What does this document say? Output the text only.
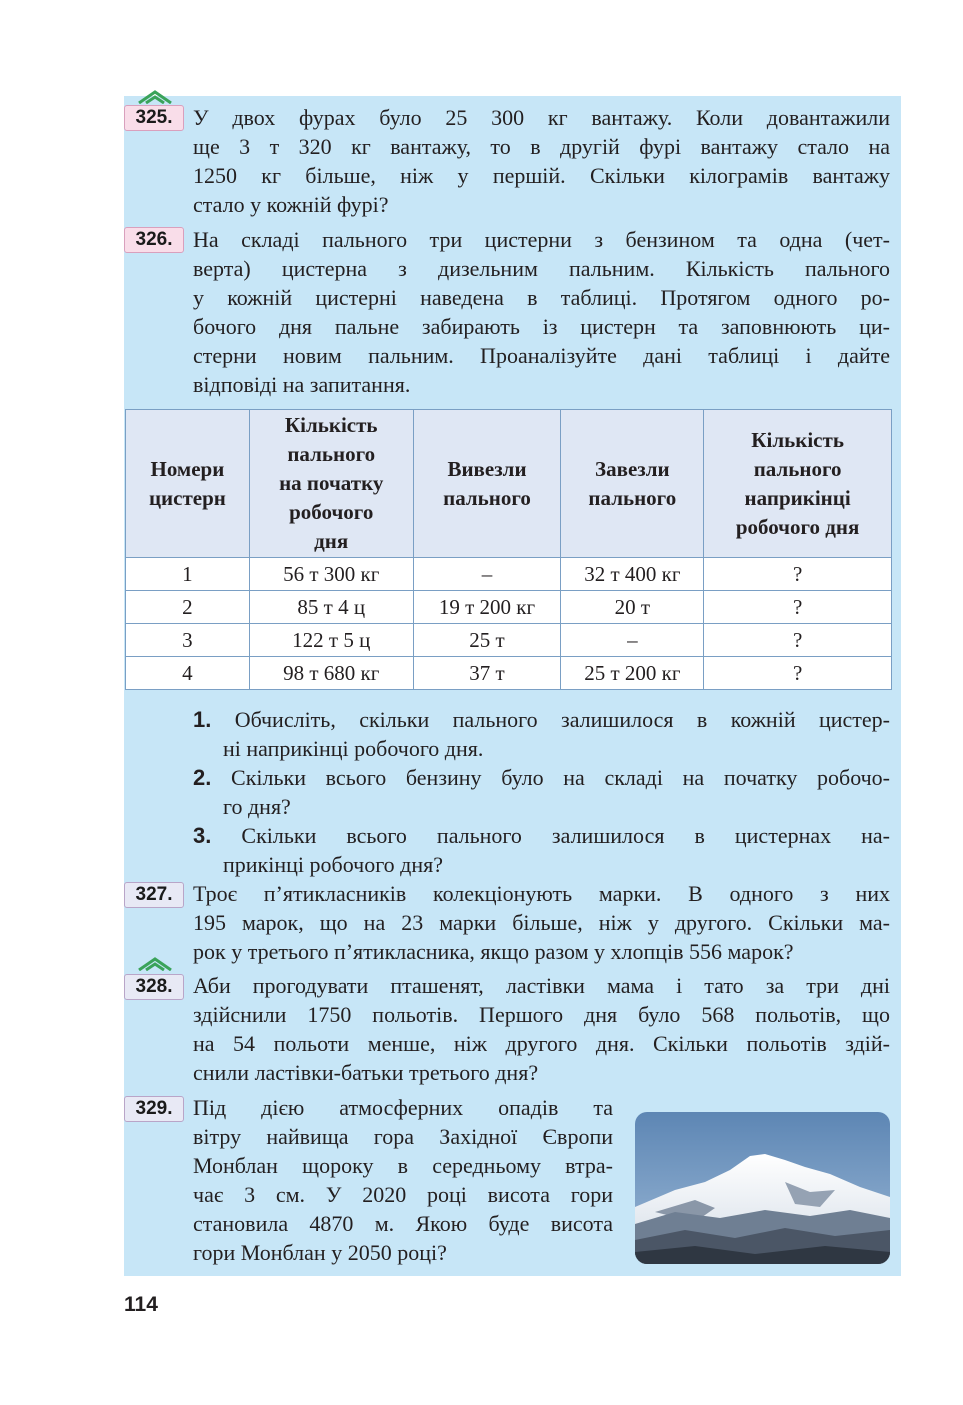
325. У двох фурах було 25 300 кг вантажу. Коли довантажили
ще 3 т 320 кг вантажу, то в другій фурі вантажу стало на
1250 кг більше, ніж у першій. Скільки кілограмів вантажу
стало у кожній фурі?
326. На складі пального три цистерни з бензином та одна (чет-
верта) цистерна з дизельним пальним. Кількість пального
у кожній цистерні наведена в таблиці. Протягом одного ро-
бочого дня пальне забирають із цистерн та заповнюють ци-
стерни новим пальним. Проаналізуйте дані таблиці і дайте
відповіді на запитання.
Номери
цистерн	Кількість
пального
на початку
робочого
дня	Вивезли
пального	Завезли
пального	Кількість
пального
наприкінці
робочого дня
1	56 т 300 кг	–	32 т 400 кг	?
2	85 т 4 ц	19 т 200 кг	20 т	?
3	122 т 5 ц	25 т	–	?
4	98 т 680 кг	37 т	25 т 200 кг	?
1. Обчисліть, скільки пального залишилося в кожній цистер-
ні наприкінці робочого дня.
2. Скільки всього бензину було на складі на початку робочо-
го дня?
3. Скільки всього пального залишилося в цистернах на-
прикінці робочого дня?
327. Троє п’ятикласників колекціонують марки. В одного з них
195 марок, що на 23 марки більше, ніж у другого. Скільки ма-
рок у третього п’ятикласника, якщо разом у хлопців 556 марок?
328. Аби прогодувати пташенят, ластівки мама і тато за три дні
здійснили 1750 польотів. Першого дня було 568 польотів, що
на 54 польоти менше, ніж другого дня. Скільки польотів здій-
снили ластівки-батьки третього дня?
329. Під дією атмосферних опадів та
вітру найвища гора Західної Європи
Монблан щороку в середньому втра-
чає 3 см. У 2020 році висота гори
становила 4870 м. Якою буде висота
гори Монблан у 2050 році?
114
